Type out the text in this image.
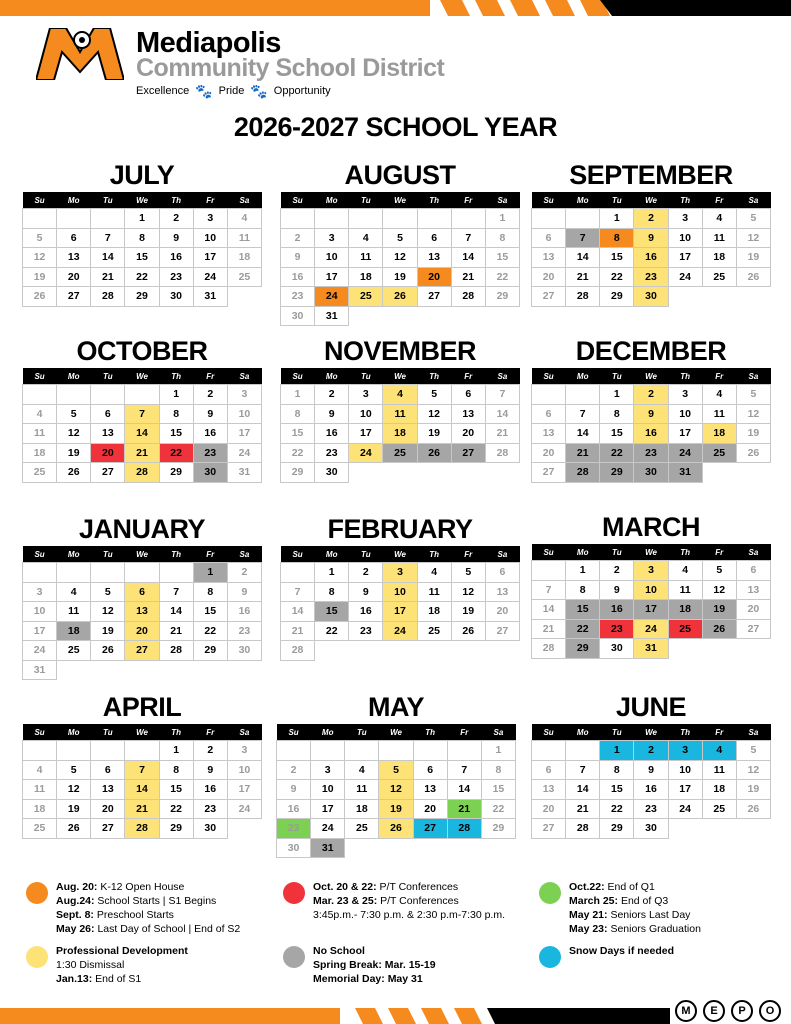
Mediapolis
Community School District
Excellence 🐾 Pride 🐾 Opportunity
2026-2027 SCHOOL YEAR
JULY
Su	Mo	Tu	We	Th	Fr	Sa
			1	2	3	4
5	6	7	8	9	10	11
12	13	14	15	16	17	18
19	20	21	22	23	24	25
26	27	28	29	30	31	
AUGUST
Su	Mo	Tu	We	Th	Fr	Sa
						1
2	3	4	5	6	7	8
9	10	11	12	13	14	15
16	17	18	19	20	21	22
23	24	25	26	27	28	29
30	31					
SEPTEMBER
Su	Mo	Tu	We	Th	Fr	Sa
		1	2	3	4	5
6	7	8	9	10	11	12
13	14	15	16	17	18	19
20	21	22	23	24	25	26
27	28	29	30			
OCTOBER
Su	Mo	Tu	We	Th	Fr	Sa
				1	2	3
4	5	6	7	8	9	10
11	12	13	14	15	16	17
18	19	20	21	22	23	24
25	26	27	28	29	30	31
NOVEMBER
Su	Mo	Tu	We	Th	Fr	Sa
1	2	3	4	5	6	7
8	9	10	11	12	13	14
15	16	17	18	19	20	21
22	23	24	25	26	27	28
29	30					
DECEMBER
Su	Mo	Tu	We	Th	Fr	Sa
		1	2	3	4	5
6	7	8	9	10	11	12
13	14	15	16	17	18	19
20	21	22	23	24	25	26
27	28	29	30	31		
JANUARY
Su	Mo	Tu	We	Th	Fr	Sa
					1	2
3	4	5	6	7	8	9
10	11	12	13	14	15	16
17	18	19	20	21	22	23
24	25	26	27	28	29	30
31						
FEBRUARY
Su	Mo	Tu	We	Th	Fr	Sa
	1	2	3	4	5	6
7	8	9	10	11	12	13
14	15	16	17	18	19	20
21	22	23	24	25	26	27
28						
MARCH
Su	Mo	Tu	We	Th	Fr	Sa
	1	2	3	4	5	6
7	8	9	10	11	12	13
14	15	16	17	18	19	20
21	22	23	24	25	26	27
28	29	30	31			
APRIL
Su	Mo	Tu	We	Th	Fr	Sa
				1	2	3
4	5	6	7	8	9	10
11	12	13	14	15	16	17
18	19	20	21	22	23	24
25	26	27	28	29	30	
MAY
Su	Mo	Tu	We	Th	Fr	Sa
						1
2	3	4	5	6	7	8
9	10	11	12	13	14	15
16	17	18	19	20	21	22
23	24	25	26	27	28	29
30	31					
JUNE
Su	Mo	Tu	We	Th	Fr	Sa
		1	2	3	4	5
6	7	8	9	10	11	12
13	14	15	16	17	18	19
20	21	22	23	24	25	26
27	28	29	30			
Aug. 20: K-12 Open House
Aug.24: School Starts | S1 Begins
Sept. 8: Preschool Starts
May 26: Last Day of School | End of S2
Oct. 20 & 22: P/T Conferences
Mar. 23 & 25: P/T Conferences
3:45p.m.- 7:30 p.m. & 2:30 p.m-7:30 p.m.
Oct.22: End of Q1
March 25: End of Q3
May 21: Seniors Last Day
May 23: Seniors Graduation
Professional Development
1:30 Dismissal
Jan.13: End of S1
No School
Spring Break: Mar. 15-19
Memorial Day: May 31
Snow Days if needed
M	E	P	O
